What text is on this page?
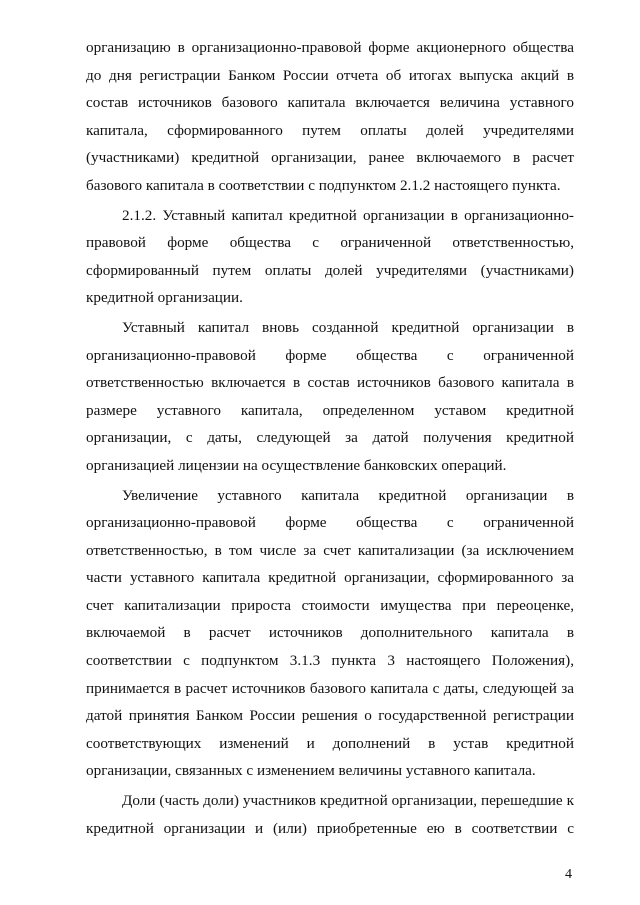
организацию в организационно-правовой форме акционерного общества
до дня регистрации Банком России отчета об итогах выпуска акций в
состав источников базового капитала включается величина уставного
капитала, сформированного путем оплаты долей учредителями
(участниками) кредитной организации, ранее включаемого в расчет
базового капитала в соответствии с подпунктом 2.1.2 настоящего пункта.
2.1.2. Уставный капитал кредитной организации в организационно-
правовой форме общества с ограниченной ответственностью,
сформированный путем оплаты долей учредителями (участниками)
кредитной организации.
Уставный капитал вновь созданной кредитной организации в
организационно-правовой форме общества с ограниченной
ответственностью включается в состав источников базового капитала в
размере уставного капитала, определенном уставом кредитной
организации, с даты, следующей за датой получения кредитной
организацией лицензии на осуществление банковских операций.
Увеличение уставного капитала кредитной организации в
организационно-правовой форме общества с ограниченной
ответственностью, в том числе за счет капитализации (за исключением
части уставного капитала кредитной организации, сформированного за
счет капитализации прироста стоимости имущества при переоценке,
включаемой в расчет источников дополнительного капитала в
соответствии с подпунктом 3.1.3 пункта 3 настоящего Положения),
принимается в расчет источников базового капитала с даты, следующей за
датой принятия Банком России решения о государственной регистрации
соответствующих изменений и дополнений в устав кредитной
организации, связанных с изменением величины уставного капитала.
Доли (часть доли) участников кредитной организации, перешедшие к
кредитной организации и (или) приобретенные ею в соответствии с
4
